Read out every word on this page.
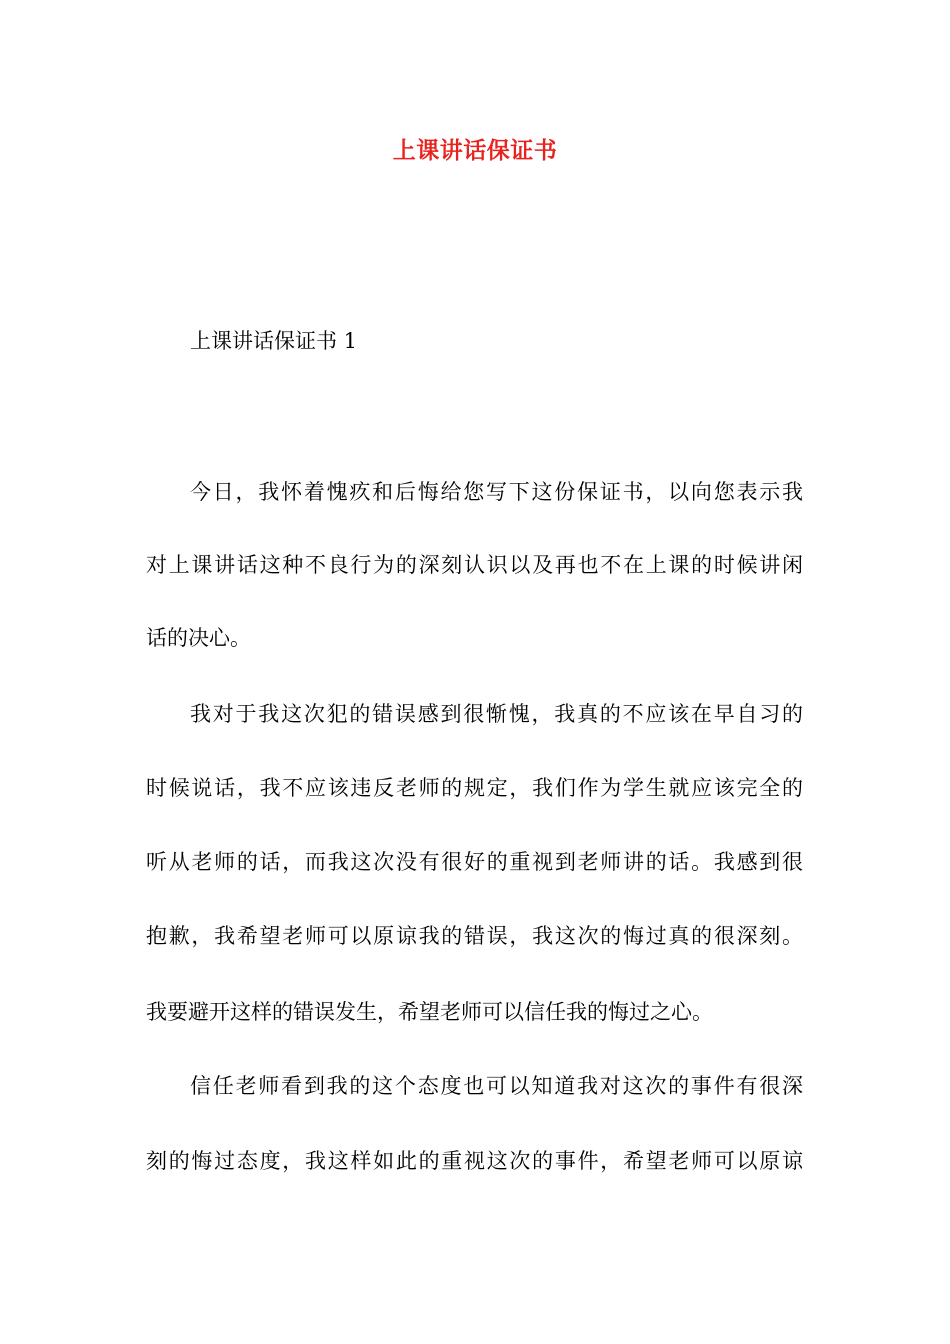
上课讲话保证书
上课讲话保证书 1
今日，我怀着愧疚和后悔给您写下这份保证书，以向您表示我
对上课讲话这种不良行为的深刻认识以及再也不在上课的时候讲闲
话的决心。
我对于我这次犯的错误感到很惭愧，我真的不应该在早自习的
时候说话，我不应该违反老师的规定，我们作为学生就应该完全的
听从老师的话，而我这次没有很好的重视到老师讲的话。我感到很
抱歉，我希望老师可以原谅我的错误，我这次的悔过真的很深刻。
我要避开这样的错误发生，希望老师可以信任我的悔过之心。
信任老师看到我的这个态度也可以知道我对这次的事件有很深
刻的悔过态度，我这样如此的重视这次的事件，希望老师可以原谅
